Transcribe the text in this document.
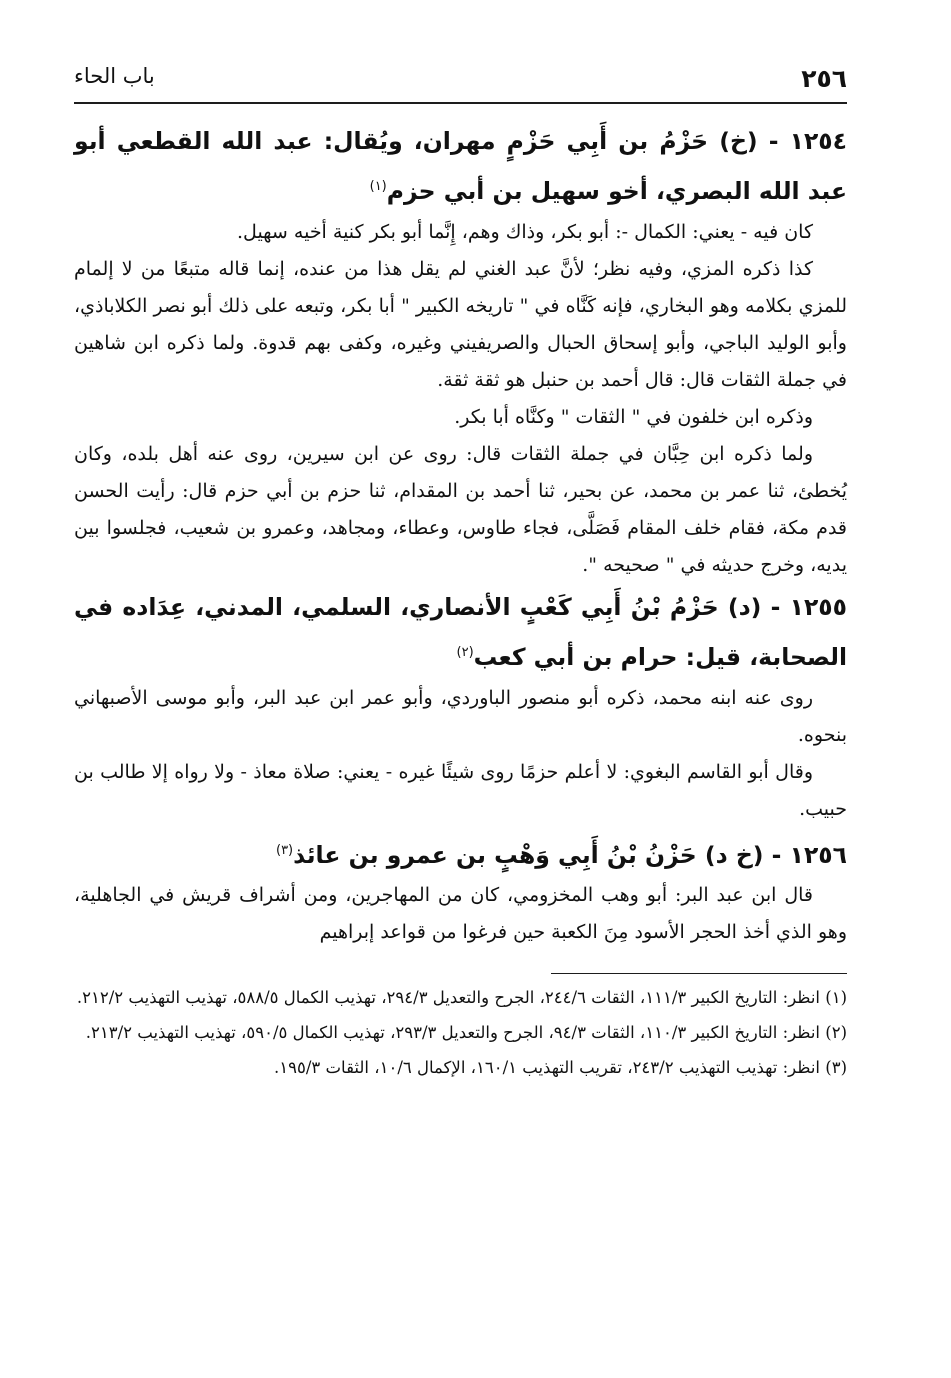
٢٥٦
باب الحاء

١٢٥٤ - (خ) حَزْمُ بن أَبِي حَزْمٍ مهران، ويُقال: عبد الله القطعي أبو عبد الله البصري، أخو سهيل بن أبي حزم$^{(١)}$

كان فيه - يعني: الكمال -: أبو بكر، وذاك وهم، إِنَّما أبو بكر كنية أخيه سهيل.

كذا ذكره المزي، وفيه نظر؛ لأنَّ عبد الغني لم يقل هذا من عنده، إنما قاله متبعًا من لا إلمام للمزي بكلامه وهو البخاري، فإنه كَنَّاه في " تاريخه الكبير " أبا بكر، وتبعه على ذلك أبو نصر الكلاباذي، وأبو الوليد الباجي، وأبو إسحاق الحبال والصريفيني وغيره، وكفى بهم قدوة. ولما ذكره ابن شاهين في جملة الثقات قال: قال أحمد بن حنبل هو ثقة ثقة.

وذكره ابن خلفون في " الثقات " وكنَّاه أبا بكر.

ولما ذكره ابن حِبَّان في جملة الثقات قال: روى عن ابن سيرين، روى عنه أهل بلده، وكان يُخطئ، ثنا عمر بن محمد، عن بحير، ثنا أحمد بن المقدام، ثنا حزم بن أبي حزم قال: رأيت الحسن قدم مكة، فقام خلف المقام فَصَلَّى، فجاء طاوس، وعطاء، ومجاهد، وعمرو بن شعيب، فجلسوا بين يديه، وخرج حديثه في " صحيحه ".

١٢٥٥ - (د) حَزْمُ بْنُ أَبِي كَعْبٍ الأنصاري، السلمي، المدني، عِدَاده في الصحابة، قيل: حرام بن أبي كعب$^{(٢)}$

روى عنه ابنه محمد، ذكره أبو منصور الباوردي، وأبو عمر ابن عبد البر، وأبو موسى الأصبهاني بنحوه.

وقال أبو القاسم البغوي: لا أعلم حزمًا روى شيئًا غيره - يعني: صلاة معاذ - ولا رواه إلا طالب بن حبيب.

١٢٥٦ - (خ د) حَزْنُ بْنُ أَبِي وَهْبٍ بن عمرو بن عائذ$^{(٣)}$

قال ابن عبد البر: أبو وهب المخزومي، كان من المهاجرين، ومن أشراف قريش في الجاهلية، وهو الذي أخذ الحجر الأسود مِنَ الكعبة حين فرغوا من قواعد إبراهيم

(١) انظر: التاريخ الكبير ١١١/٣، الثقات ٢٤٤/٦، الجرح والتعديل ٢٩٤/٣، تهذيب الكمال ٥٨٨/٥، تهذيب التهذيب ٢١٢/٢.

(٢) انظر: التاريخ الكبير ١١٠/٣، الثقات ٩٤/٣، الجرح والتعديل ٢٩٣/٣، تهذيب الكمال ٥٩٠/٥، تهذيب التهذيب ٢١٣/٢.

(٣) انظر: تهذيب التهذيب ٢٤٣/٢، تقريب التهذيب ١٦٠/١، الإكمال ١٠/٦، الثقات ١٩٥/٣.
